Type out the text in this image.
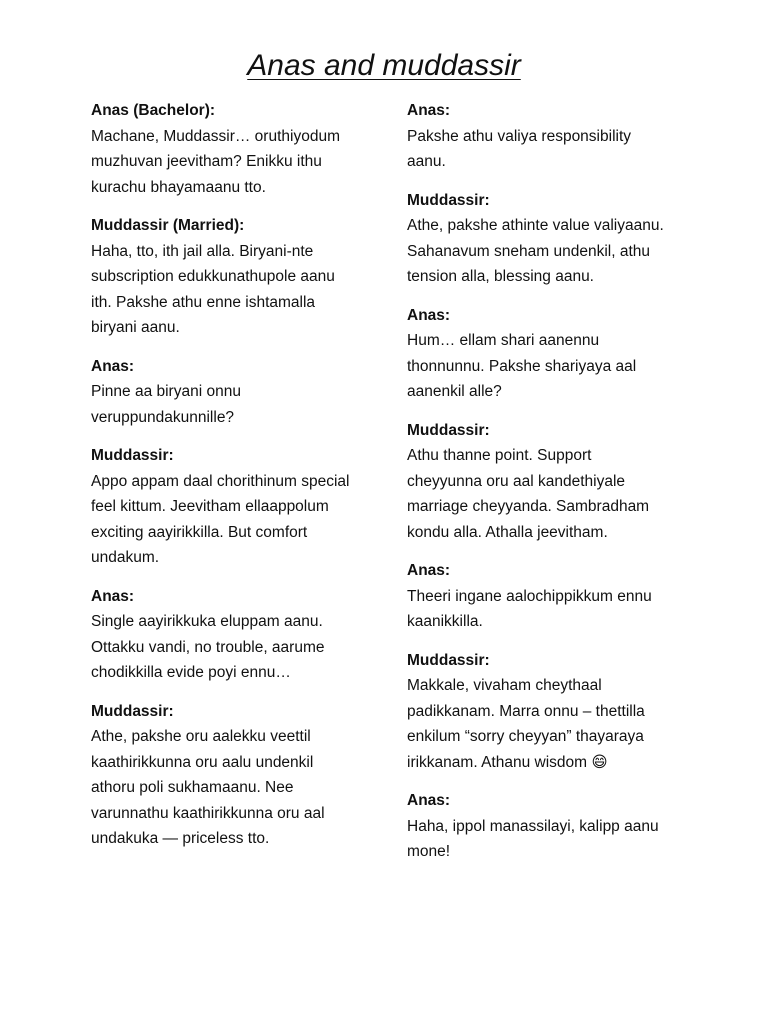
Anas and muddassir
Anas (Bachelor):
Machane, Muddassir… oruthiyodum
muzhuvan jeevitham? Enikku ithu
kurachu bhayamaanu tto.
Muddassir (Married):
Haha, tto, ith jail alla. Biryani-nte
subscription edukkunathupole aanu
ith. Pakshe athu enne ishtamalla
biryani aanu.
Anas:
Pinne aa biryani onnu
veruppundakunnille?
Muddassir:
Appo appam daal chorithinum special
feel kittum. Jeevitham ellaappolum
exciting aayirikkilla. But comfort
undakum.
Anas:
Single aayirikkuka eluppam aanu.
Ottakku vandi, no trouble, aarume
chodikkilla evide poyi ennu…
Muddassir:
Athe, pakshe oru aalekku veettil
kaathirikkunna oru aalu undenkil
athoru poli sukhamaanu. Nee
varunnathu kaathirikkunna oru aal
undakuka — priceless tto.
Anas:
Pakshe athu valiya responsibility
aanu.
Muddassir:
Athe, pakshe athinte value valiyaanu.
Sahanavum sneham undenkil, athu
tension alla, blessing aanu.
Anas:
Hum… ellam shari aanennu
thonnunnu. Pakshe shariyaya aal
aanenkil alle?
Muddassir:
Athu thanne point. Support
cheyyunna oru aal kandethiyale
marriage cheyyanda. Sambradham
kondu alla. Athalla jeevitham.
Anas:
Theeri ingane aalochippikkum ennu
kaanikkilla.
Muddassir:
Makkale, vivaham cheythaal
padikkanam. Marra onnu – thettilla
enkilum “sorry cheyyan” thayaraya
irikkanam. Athanu wisdom 😄
Anas:
Haha, ippol manassilayi, kalipp aanu
mone!
